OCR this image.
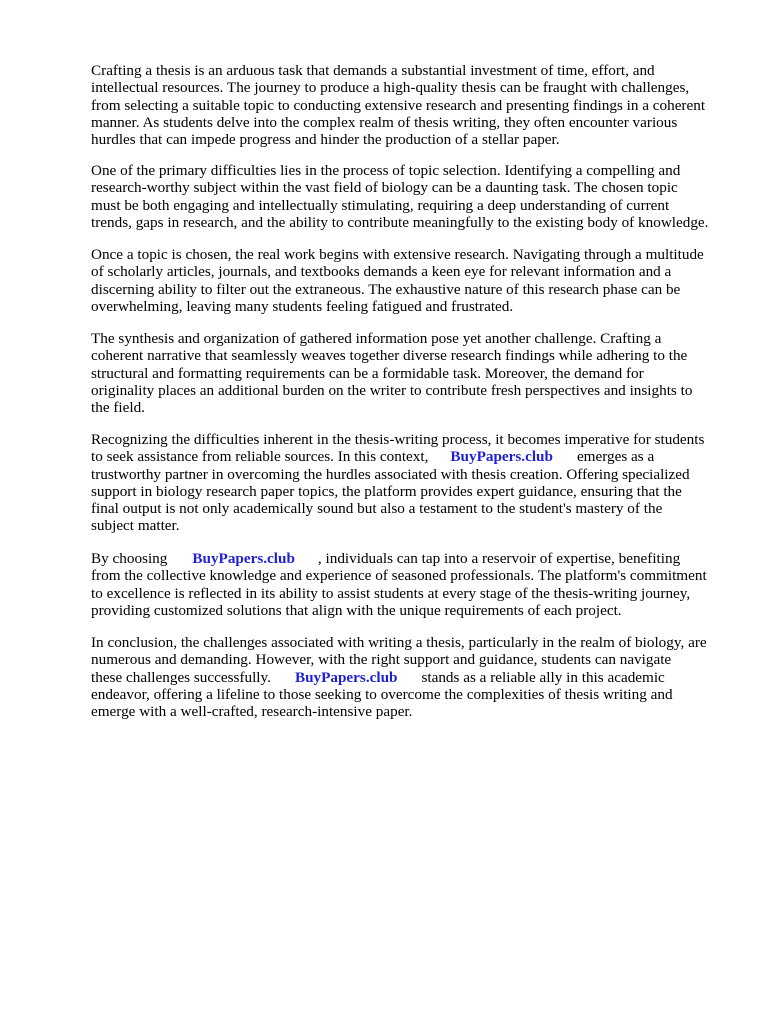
Crafting a thesis is an arduous task that demands a substantial investment of time, effort, and
intellectual resources. The journey to produce a high-quality thesis can be fraught with challenges,
from selecting a suitable topic to conducting extensive research and presenting findings in a coherent
manner. As students delve into the complex realm of thesis writing, they often encounter various
hurdles that can impede progress and hinder the production of a stellar paper.

One of the primary difficulties lies in the process of topic selection. Identifying a compelling and
research-worthy subject within the vast field of biology can be a daunting task. The chosen topic
must be both engaging and intellectually stimulating, requiring a deep understanding of current
trends, gaps in research, and the ability to contribute meaningfully to the existing body of knowledge.

Once a topic is chosen, the real work begins with extensive research. Navigating through a multitude
of scholarly articles, journals, and textbooks demands a keen eye for relevant information and a
discerning ability to filter out the extraneous. The exhaustive nature of this research phase can be
overwhelming, leaving many students feeling fatigued and frustrated.

The synthesis and organization of gathered information pose yet another challenge. Crafting a
coherent narrative that seamlessly weaves together diverse research findings while adhering to the
structural and formatting requirements can be a formidable task. Moreover, the demand for
originality places an additional burden on the writer to contribute fresh perspectives and insights to
the field.

Recognizing the difficulties inherent in the thesis-writing process, it becomes imperative for students
to seek assistance from reliable sources. In this context, BuyPapers.club emerges as a
trustworthy partner in overcoming the hurdles associated with thesis creation. Offering specialized
support in biology research paper topics, the platform provides expert guidance, ensuring that the
final output is not only academically sound but also a testament to the student's mastery of the
subject matter.

By choosing BuyPapers.club , individuals can tap into a reservoir of expertise, benefiting
from the collective knowledge and experience of seasoned professionals. The platform's commitment
to excellence is reflected in its ability to assist students at every stage of the thesis-writing journey,
providing customized solutions that align with the unique requirements of each project.

In conclusion, the challenges associated with writing a thesis, particularly in the realm of biology, are
numerous and demanding. However, with the right support and guidance, students can navigate
these challenges successfully. BuyPapers.club stands as a reliable ally in this academic
endeavor, offering a lifeline to those seeking to overcome the complexities of thesis writing and
emerge with a well-crafted, research-intensive paper.
